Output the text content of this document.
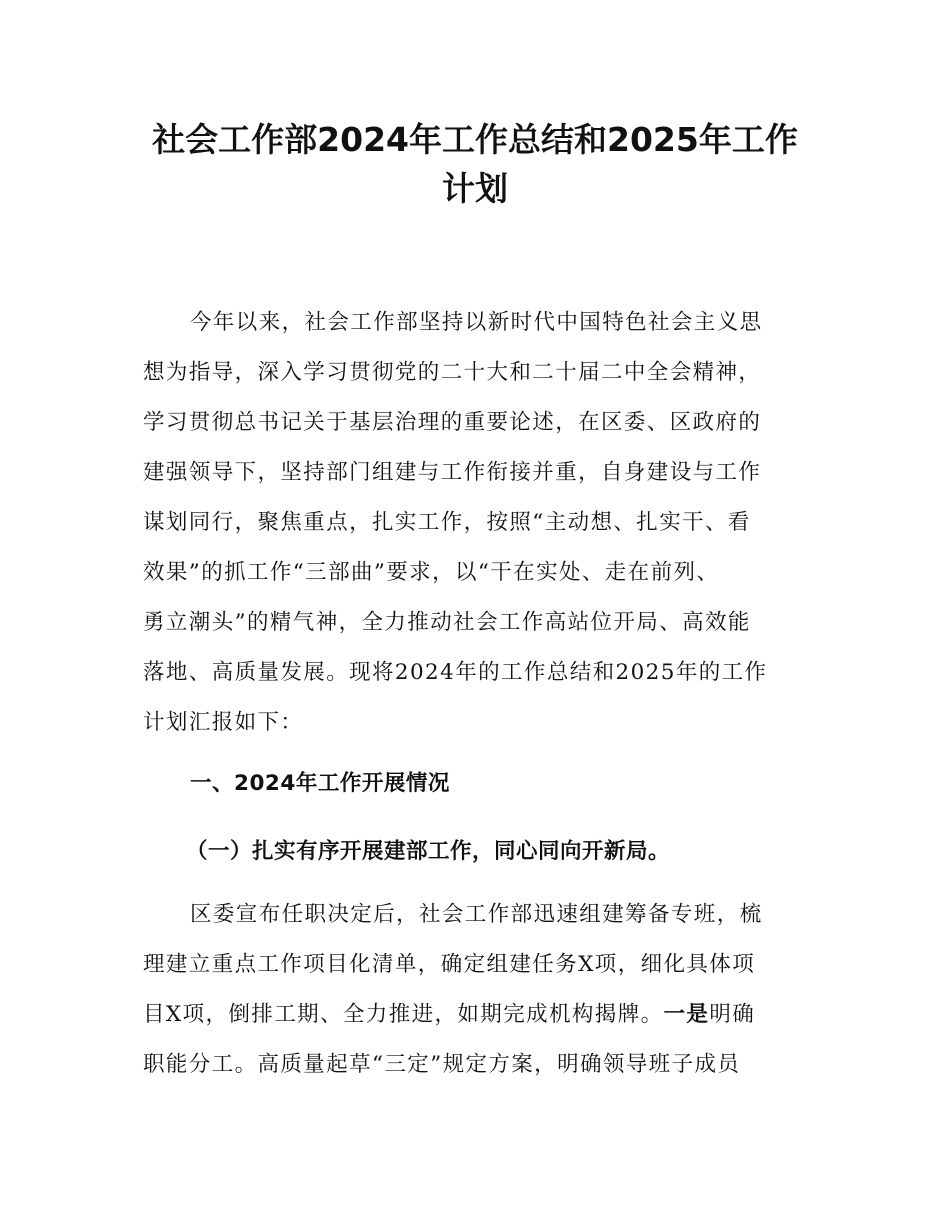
社会工作部2024年工作总结和2025年工作
计划

今年以来，社会工作部坚持以新时代中国特色社会主义思

想为指导，深入学习贯彻党的二十大和二十届二中全会精神，

学习贯彻总书记关于基层治理的重要论述，在区委、区政府的

建强领导下，坚持部门组建与工作衔接并重，自身建设与工作

谋划同行，聚焦重点，扎实工作，按照“主动想、扎实干、看

效果”的抓工作“三部曲”要求，以“干在实处、走在前列、

勇立潮头”的精气神，全力推动社会工作高站位开局、高效能

落地、高质量发展。现将2024年的工作总结和2025年的工作

计划汇报如下：

一、2024年工作开展情况
（一）扎实有序开展建部工作，同心同向开新局。

区委宣布任职决定后，社会工作部迅速组建筹备专班，梳

理建立重点工作项目化清单，确定组建任务X项，细化具体项

目X项，倒排工期、全力推进，如期完成机构揭牌。一是明确

职能分工。高质量起草“三定”规定方案，明确领导班子成员
